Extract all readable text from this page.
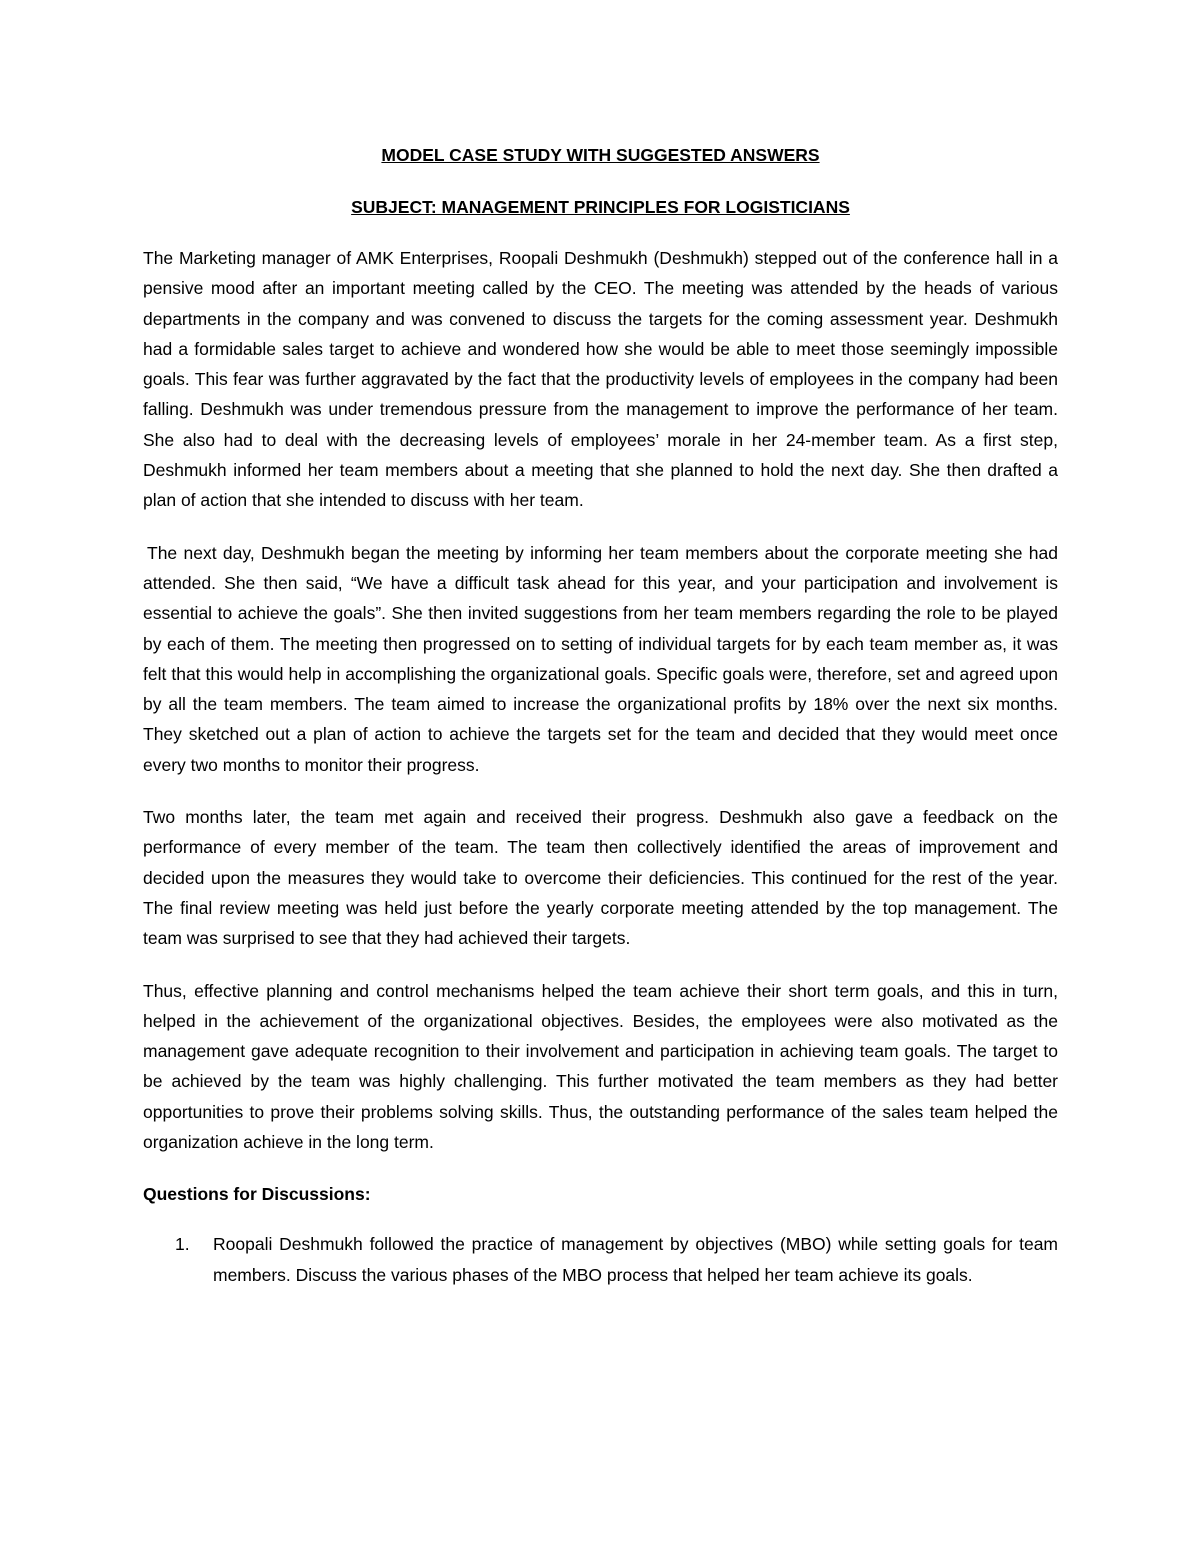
MODEL CASE STUDY WITH SUGGESTED ANSWERS
SUBJECT: MANAGEMENT PRINCIPLES FOR LOGISTICIANS

The Marketing manager of AMK Enterprises, Roopali Deshmukh (Deshmukh) stepped out of the conference hall in a pensive mood after an important meeting called by the CEO. The meeting was attended by the heads of various departments in the company and was convened to discuss the targets for the coming assessment year. Deshmukh had a formidable sales target to achieve and wondered how she would be able to meet those seemingly impossible goals. This fear was further aggravated by the fact that the productivity levels of employees in the company had been falling. Deshmukh was under tremendous pressure from the management to improve the performance of her team. She also had to deal with the decreasing levels of employees’ morale in her 24-member team. As a first step, Deshmukh informed her team members about a meeting that she planned to hold the next day. She then drafted a plan of action that she intended to discuss with her team.

The next day, Deshmukh began the meeting by informing her team members about the corporate meeting she had attended. She then said, “We have a difficult task ahead for this year, and your participation and involvement is essential to achieve the goals”. She then invited suggestions from her team members regarding the role to be played by each of them. The meeting then progressed on to setting of individual targets for by each team member as, it was felt that this would help in accomplishing the organizational goals. Specific goals were, therefore, set and agreed upon by all the team members. The team aimed to increase the organizational profits by 18% over the next six months. They sketched out a plan of action to achieve the targets set for the team and decided that they would meet once every two months to monitor their progress.

Two months later, the team met again and received their progress. Deshmukh also gave a feedback on the performance of every member of the team. The team then collectively identified the areas of improvement and decided upon the measures they would take to overcome their deficiencies. This continued for the rest of the year. The final review meeting was held just before the yearly corporate meeting attended by the top management. The team was surprised to see that they had achieved their targets.

Thus, effective planning and control mechanisms helped the team achieve their short term goals, and this in turn, helped in the achievement of the organizational objectives. Besides, the employees were also motivated as the management gave adequate recognition to their involvement and participation in achieving team goals. The target to be achieved by the team was highly challenging. This further motivated the team members as they had better opportunities to prove their problems solving skills. Thus, the outstanding performance of the sales team helped the organization achieve in the long term.

Questions for Discussions:

1. Roopali Deshmukh followed the practice of management by objectives (MBO) while setting goals for team members. Discuss the various phases of the MBO process that helped her team achieve its goals.
